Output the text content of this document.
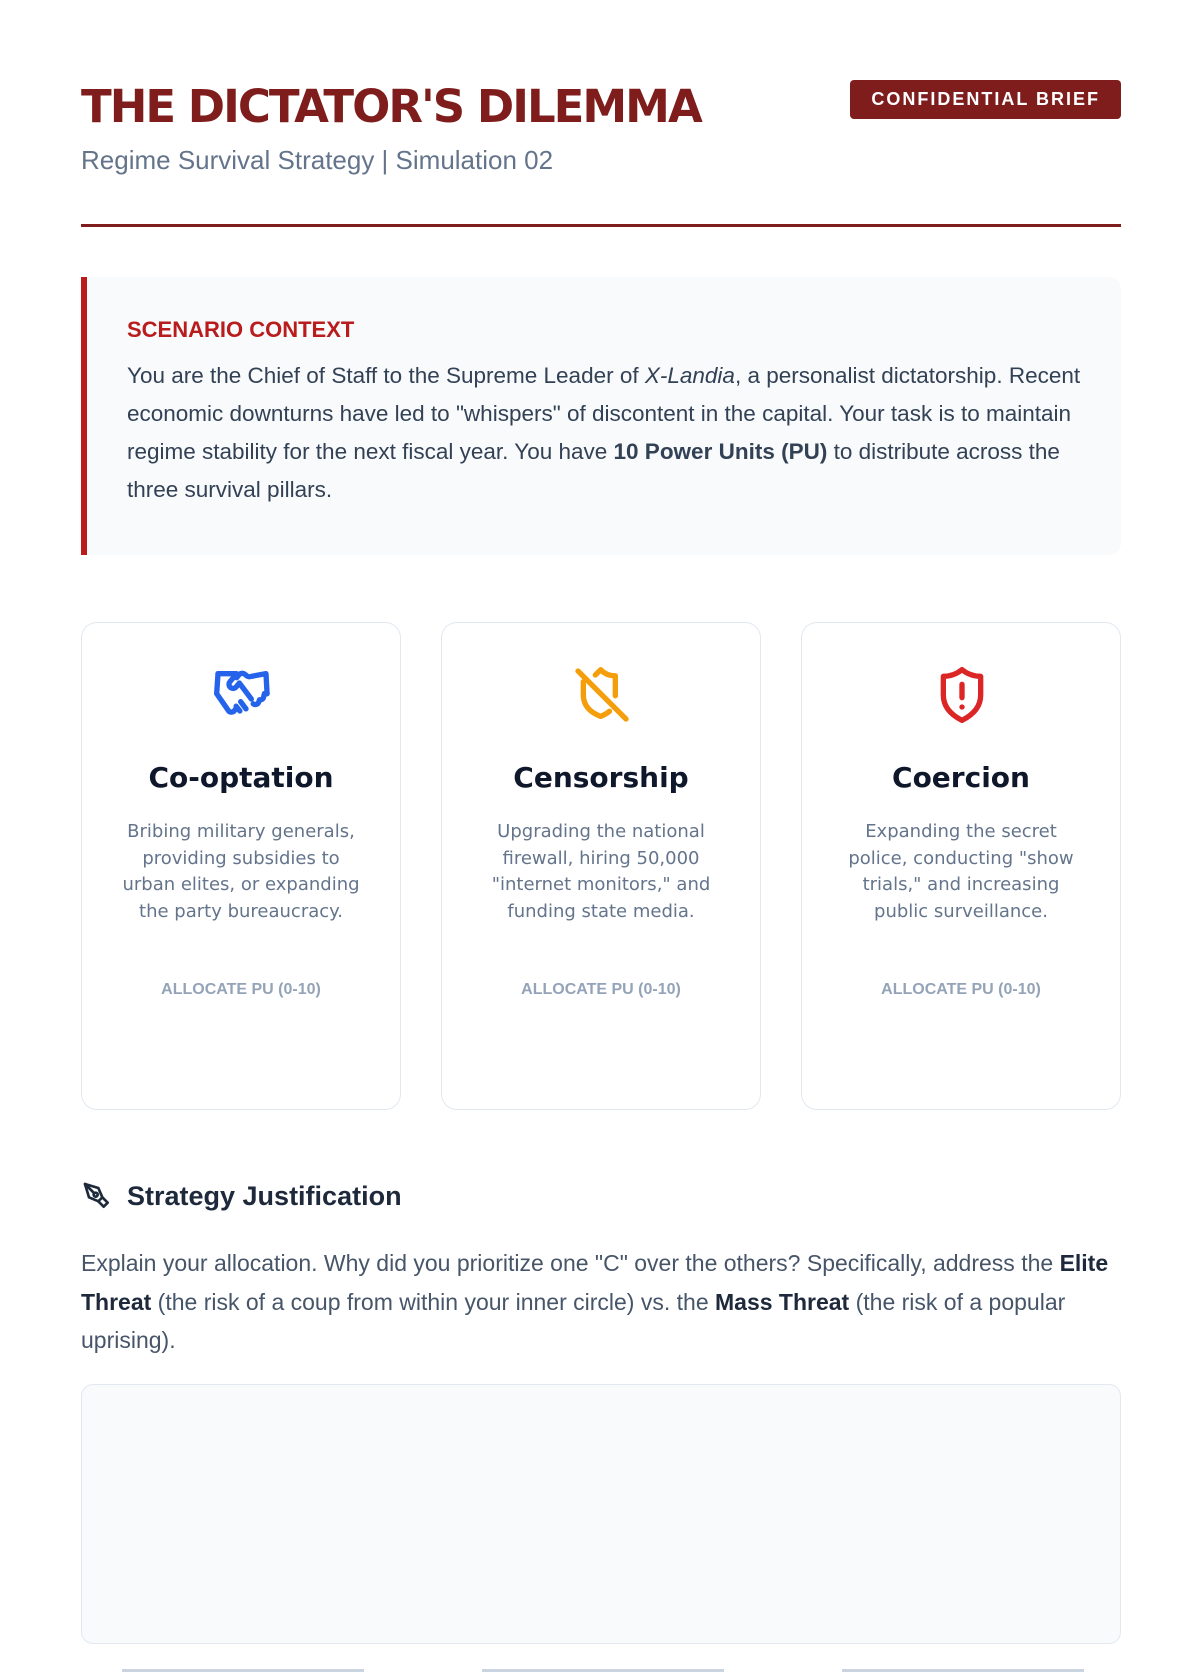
THE DICTATOR'S DILEMMA
Regime Survival Strategy | Simulation 02
CONFIDENTIAL BRIEF
SCENARIO CONTEXT

You are the Chief of Staff to the Supreme Leader of X-Landia, a personalist dictatorship. Recent economic downturns have led to "whispers" of discontent in the capital. Your task is to maintain regime stability for the next fiscal year. You have 10 Power Units (PU) to distribute across the three survival pillars.

Co-optation
Bribing military generals, providing subsidies to urban elites, or expanding the party bureaucracy.
ALLOCATE PU (0-10)
Censorship
Upgrading the national firewall, hiring 50,000 "internet monitors," and funding state media.
ALLOCATE PU (0-10)
Coercion
Expanding the secret police, conducting "show trials," and increasing public surveillance.
ALLOCATE PU (0-10)
Strategy Justification

Explain your allocation. Why did you prioritize one "C" over the others? Specifically, address the Elite Threat (the risk of a coup from within your inner circle) vs. the Mass Threat (the risk of a popular uprising).
